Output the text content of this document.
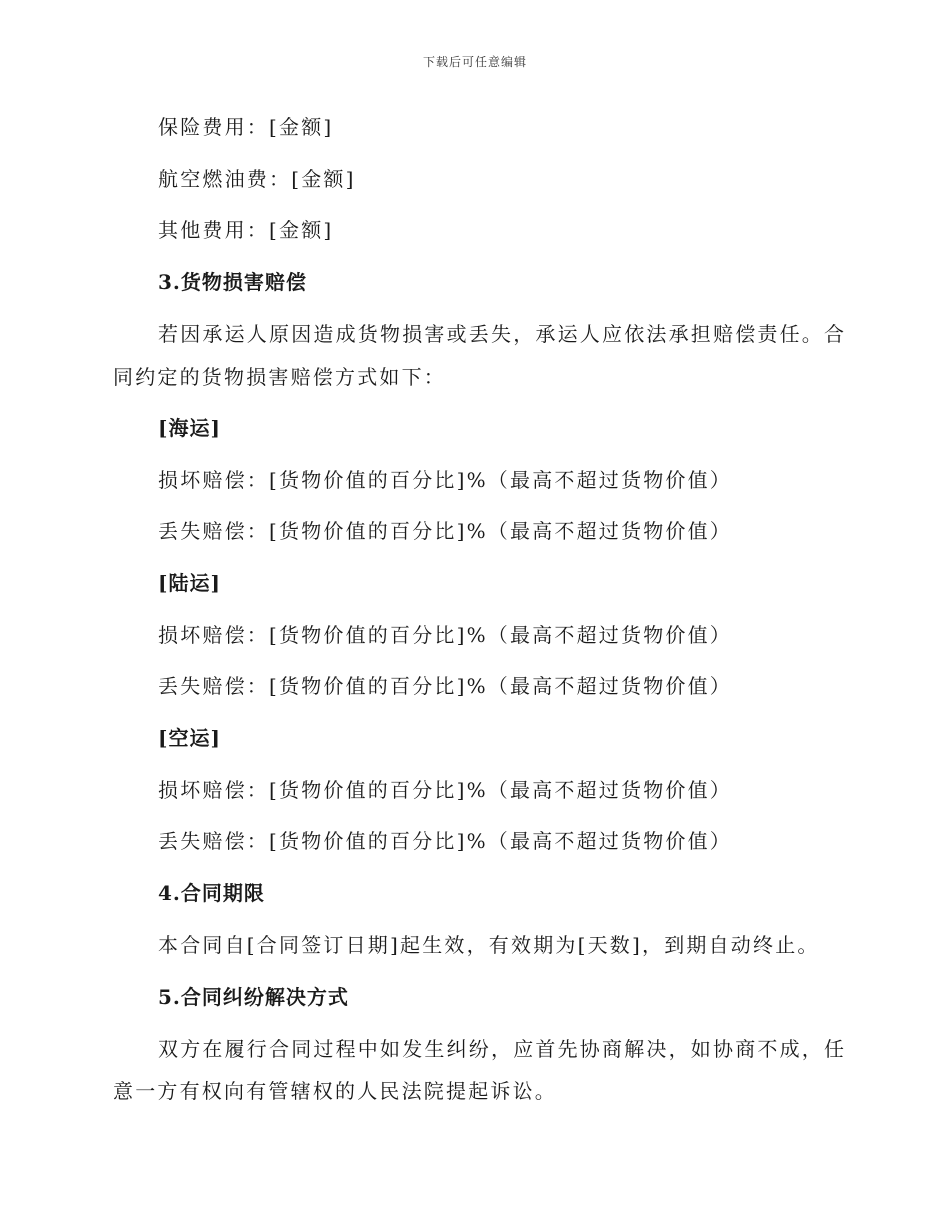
下载后可任意编辑
保险费用：[金额]
航空燃油费：[金额]
其他费用：[金额]
3.货物损害赔偿
若因承运人原因造成货物损害或丢失，承运人应依法承担赔偿责任。合
同约定的货物损害赔偿方式如下：
[海运]
损坏赔偿：[货物价值的百分比]%（最高不超过货物价值）
丢失赔偿：[货物价值的百分比]%（最高不超过货物价值）
[陆运]
损坏赔偿：[货物价值的百分比]%（最高不超过货物价值）
丢失赔偿：[货物价值的百分比]%（最高不超过货物价值）
[空运]
损坏赔偿：[货物价值的百分比]%（最高不超过货物价值）
丢失赔偿：[货物价值的百分比]%（最高不超过货物价值）
4.合同期限
本合同自[合同签订日期]起生效，有效期为[天数]，到期自动终止。
5.合同纠纷解决方式
双方在履行合同过程中如发生纠纷，应首先协商解决，如协商不成，任
意一方有权向有管辖权的人民法院提起诉讼。
